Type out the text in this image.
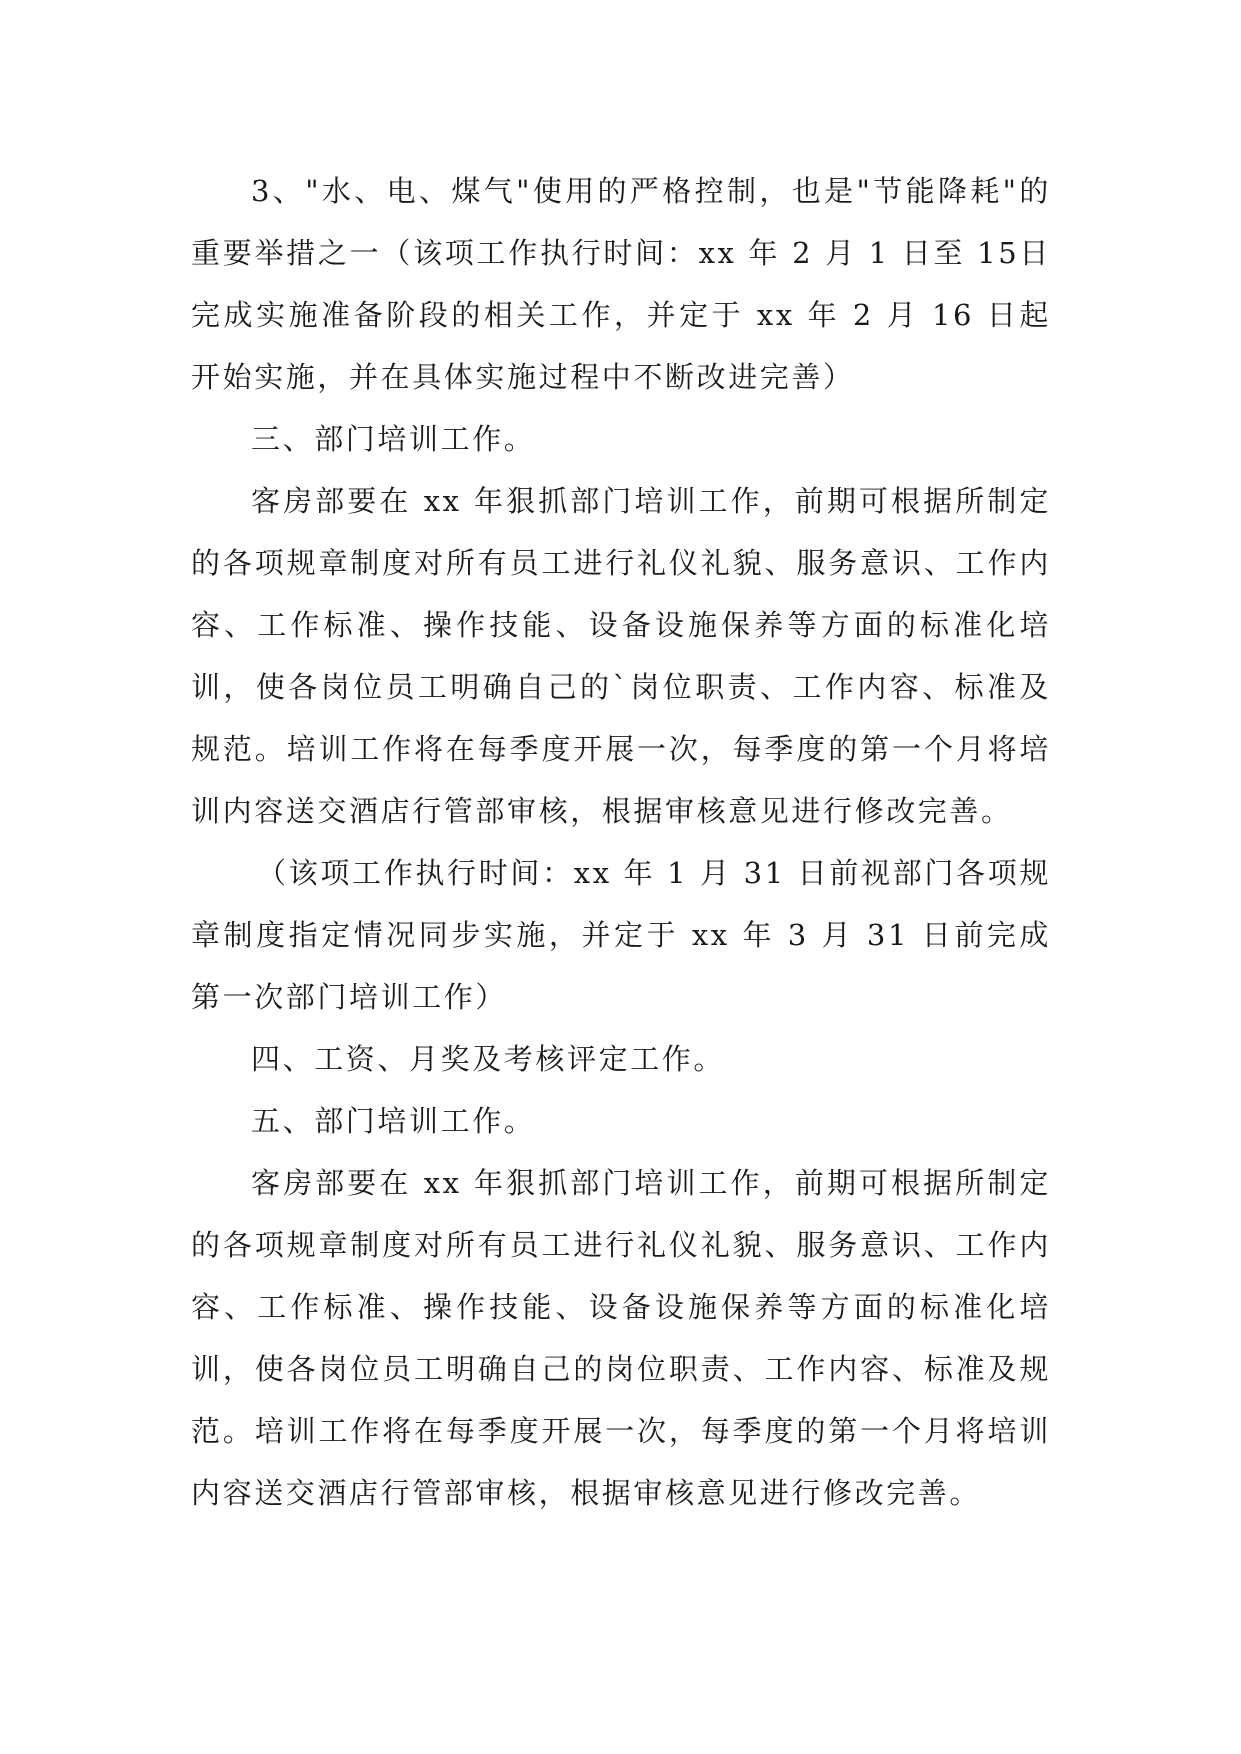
3、"水、电、煤气"使用的严格控制，也是"节能降耗"的重要举措之一（该项工作执行时间：xx 年 2 月 1 日至 15日完成实施准备阶段的相关工作，并定于 xx 年 2 月 16 日起开始实施，并在具体实施过程中不断改进完善）

三、部门培训工作。

客房部要在 xx 年狠抓部门培训工作，前期可根据所制定的各项规章制度对所有员工进行礼仪礼貌、服务意识、工作内容、工作标准、操作技能、设备设施保养等方面的标准化培训，使各岗位员工明确自己的`岗位职责、工作内容、标准及规范。培训工作将在每季度开展一次，每季度的第一个月将培训内容送交酒店行管部审核，根据审核意见进行修改完善。

（该项工作执行时间：xx 年 1 月 31 日前视部门各项规章制度指定情况同步实施，并定于 xx 年 3 月 31 日前完成第一次部门培训工作）

四、工资、月奖及考核评定工作。

五、部门培训工作。

客房部要在 xx 年狠抓部门培训工作，前期可根据所制定的各项规章制度对所有员工进行礼仪礼貌、服务意识、工作内容、工作标准、操作技能、设备设施保养等方面的标准化培训，使各岗位员工明确自己的岗位职责、工作内容、标准及规范。培训工作将在每季度开展一次，每季度的第一个月将培训内容送交酒店行管部审核，根据审核意见进行修改完善。
